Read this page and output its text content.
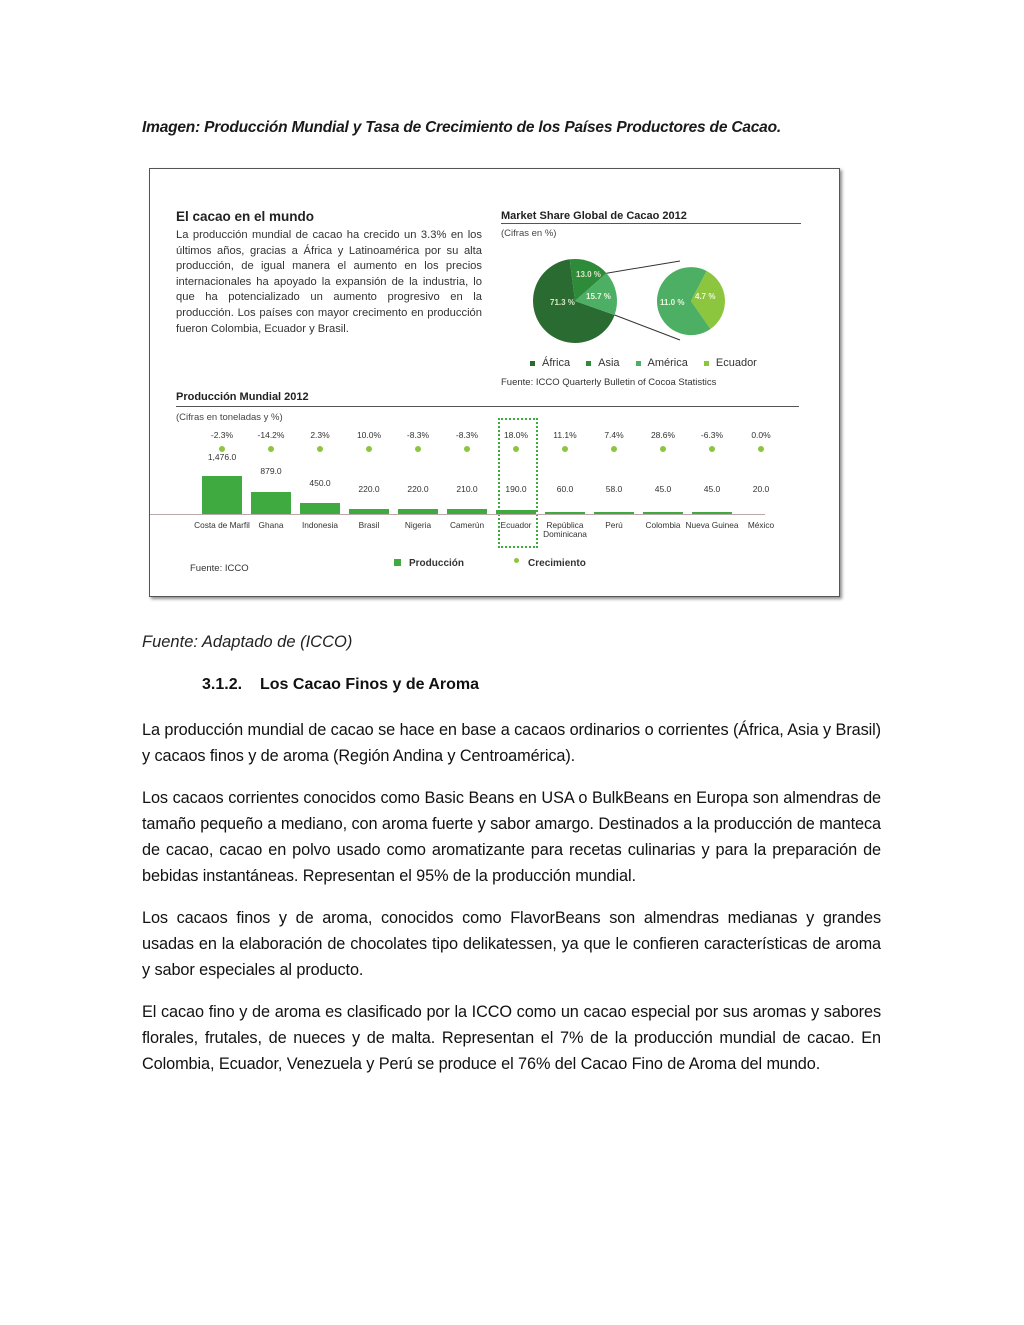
Imagen: Producción Mundial y Tasa de Crecimiento de los Países Productores de Cacao.
El cacao en el mundo
La producción mundial de cacao ha crecido un 3.3% en los últimos años, gracias a África y Latinoamérica por su alta producción, de igual manera el aumento en los precios internacionales ha apoyado la expansión de la industria, lo que ha potencializado un aumento progresivo en la producción. Los países con mayor crecimento en producción fueron Colombia, Ecuador y Brasil.
Market Share Global de Cacao 2012
(Cifras en %)
71.3 %
13.0 %
15.7 %
11.0 %
4.7 %
África	Asia	América	Ecuador
Fuente: ICCO Quarterly Bulletin of Cocoa Statistics
Producción Mundial 2012
(Cifras en toneladas y %)
-2.3%
1,476.0
Costa de Marfil
-14.2%
879.0
Ghana
2.3%
450.0
Indonesia
10.0%
220.0
Brasil
-8.3%
220.0
Nigeria
-8.3%
210.0
Camerún
18.0%
190.0
Ecuador
11.1%
60.0
República Dominicana
7.4%
58.0
Perú
28.6%
45.0
Colombia
-6.3%
45.0
Nueva Guinea
0.0%
20.0
México
Fuente: ICCO	Producción	Crecimiento
Fuente: Adaptado de (ICCO)
3.1.2. Los Cacao Finos y de Aroma

La producción mundial de cacao se hace en base a cacaos ordinarios o corrientes (África, Asia y Brasil) y cacaos finos y de aroma (Región Andina y Centroamérica).

Los cacaos corrientes conocidos como Basic Beans en USA o BulkBeans en Europa son almendras de tamaño pequeño a mediano, con aroma fuerte y sabor amargo. Destinados a la producción de manteca de cacao, cacao en polvo usado como aromatizante para recetas culinarias y para la preparación de bebidas instantáneas. Representan el 95% de la producción mundial.

Los cacaos finos y de aroma, conocidos como FlavorBeans son almendras medianas y grandes usadas en la elaboración de chocolates tipo delikatessen, ya que le confieren características de aroma y sabor especiales al producto.

El cacao fino y de aroma es clasificado por la ICCO como un cacao especial por sus aromas y sabores florales, frutales, de nueces y de malta. Representan el 7% de la producción mundial de cacao. En Colombia, Ecuador, Venezuela y Perú se produce el 76% del Cacao Fino de Aroma del mundo.
